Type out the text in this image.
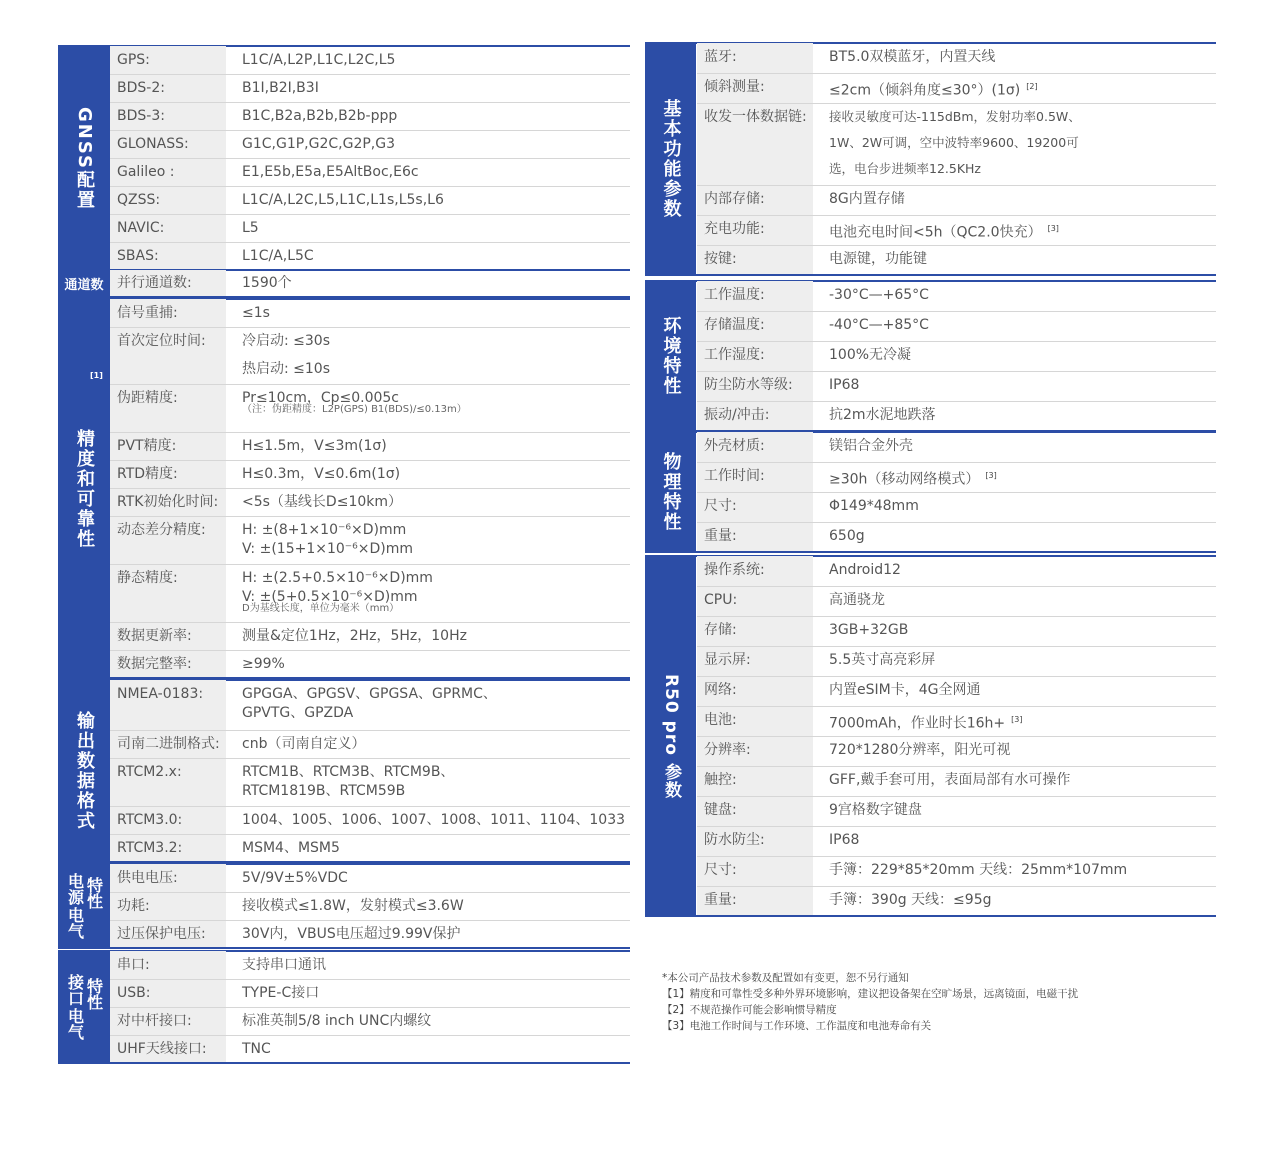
GNSS配置
GPS:	L1C/A,L2P,L1C,L2C,L5
BDS-2:	B1I,B2I,B3I
BDS-3:	B1C,B2a,B2b,B2b-ppp
GLONASS:	G1C,G1P,G2C,G2P,G3
Galileo :	E1,E5b,E5a,E5AltBoc,E6c
QZSS:	L1C/A,L2C,L5,L1C,L1s,L5s,L6
NAVIC:	L5
SBAS:	L1C/A,L5C
通道数 并行通道数:	1590个
[1]
精度和可靠性
信号重捕:	≤1s
首次定位时间:	冷启动: ≤30s
热启动: ≤10s
伪距精度:	Pr≤10cm，Cp≤0.005c
（注：伪距精度：L2P(GPS) B1(BDS)/≤0.13m）
PVT精度:	H≤1.5m，V≤3m(1σ)
RTD精度:	H≤0.3m，V≤0.6m(1σ)
RTK初始化时间:	<5s（基线长D≤10km）
动态差分精度:	H: ±(8+1×10⁻⁶×D)mm
V: ±(15+1×10⁻⁶×D)mm
静态精度:	H: ±(2.5+0.5×10⁻⁶×D)mm
V: ±(5+0.5×10⁻⁶×D)mm
D为基线长度，单位为毫米（mm）
数据更新率:	测量&定位1Hz，2Hz，5Hz，10Hz
数据完整率:	≥99%
输出数据格式
NMEA-0183:	GPGGA、GPGSV、GPGSA、GPRMC、
GPVTG、GPZDA
司南二进制格式:	cnb（司南自定义）
RTCM2.x:	RTCM1B、RTCM3B、RTCM9B、
RTCM1819B、RTCM59B
RTCM3.0:	1004、1005、1006、1007、1008、1011、1104、1033
RTCM3.2:	MSM4、MSM5
电源
电气
特性 供电电压:	5V/9V±5%VDC
功耗:	接收模式≤1.8W，发射模式≤3.6W
过压保护电压:	30V内，VBUS电压超过9.99V保护
接口
电气
特性
串口:	支持串口通讯
USB:	TYPE-C接口
对中杆接口:	标准英制5/8 inch UNC内螺纹
UHF天线接口:	TNC
基本功能参数
蓝牙:	BT5.0双模蓝牙，内置天线
倾斜测量:	≤2cm（倾斜角度≤30°）(1σ) [2]
收发一体数据链:	接收灵敏度可达-115dBm，发射功率0.5W、
1W、2W可调，空中波特率9600、19200可
选，电台步进频率12.5KHz
内部存储:	8G内置存储
充电功能:	电池充电时间<5h（QC2.0快充） [3]
按键:	电源键，功能键
环境特性
工作温度:	-30°C—+65°C
存储温度:	-40°C—+85°C
工作湿度:	100%无冷凝
防尘防水等级:	IP68
振动/冲击:	抗2m水泥地跌落
物理特性
外壳材质:	镁铝合金外壳
工作时间:	≥30h（移动网络模式） [3]
尺寸:	Φ149*48mm
重量:	650g
R50 pro 参数
操作系统:	Android12
CPU:	高通骁龙
存储:	3GB+32GB
显示屏:	5.5英寸高亮彩屏
网络:	内置eSIM卡，4G全网通
电池:	7000mAh，作业时长16h+ [3]
分辨率:	720*1280分辨率，阳光可视
触控:	GFF,戴手套可用，表面局部有水可操作
键盘:	9宫格数字键盘
防水防尘:	IP68
尺寸:	手簿：229*85*20mm 天线：25mm*107mm
重量:	手簿：390g 天线：≤95g
*本公司产品技术参数及配置如有变更，恕不另行通知
【1】精度和可靠性受多种外界环境影响，建议把设备架在空旷场景，远离镜面，电磁干扰
【2】不规范操作可能会影响惯导精度
【3】电池工作时间与工作环境、工作温度和电池寿命有关
